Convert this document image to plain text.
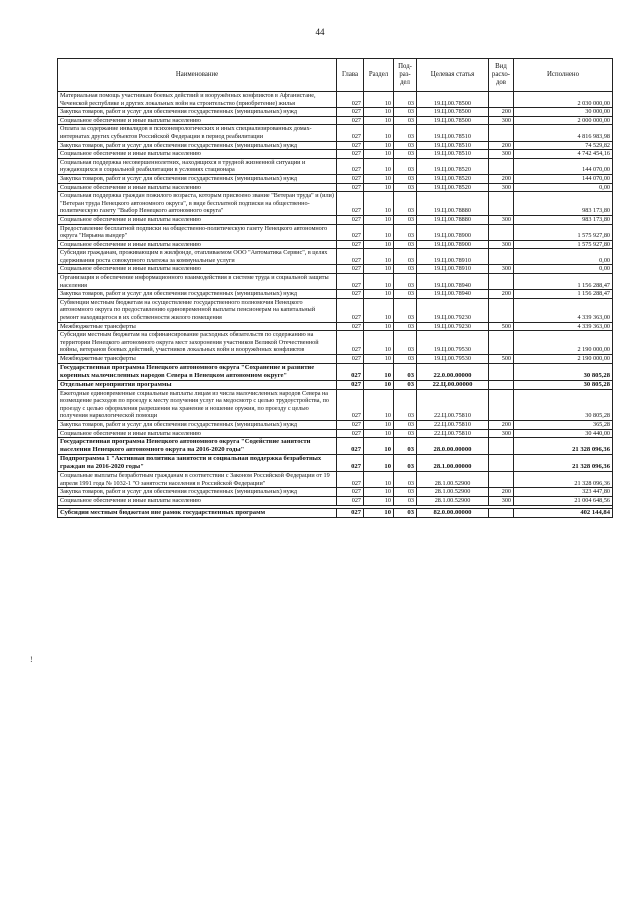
44
!
Наименование	Глава	Раздел	Под-раз-дел	Целевая статья	Вид расхо-дов	Исполнено
Материальная помощь участникам боевых действий и вооружённых конфликтов в Афганистане, Чеченской республике и других локальных войн на строительство (приобретение) жилья	027	10	03	19.Ц.00.78500		2 030 000,00
Закупка товаров, работ и услуг для обеспечения государственных (муниципальных) нужд	027	10	03	19.Ц.00.78500	200	30 000,00
Социальное обеспечение и иные выплаты населению	027	10	03	19.Ц.00.78500	300	2 000 000,00
Оплата за содержание инвалидов в психоневрологических и иных специализированных домах-интернатах других субъектов Российской Федерации в период реабилитации	027	10	03	19.Ц.00.78510		4 816 983,98
Закупка товаров, работ и услуг для обеспечения государственных (муниципальных) нужд	027	10	03	19.Ц.00.78510	200	74 529,82
Социальное обеспечение и иные выплаты населению	027	10	03	19.Ц.00.78510	300	4 742 454,16
Социальная поддержка несовершеннолетних, находящихся в трудной жизненной ситуации и нуждающихся в социальной реабилитации в условиях стационара	027	10	03	19.Ц.00.78520		144 070,00
Закупка товаров, работ и услуг для обеспечения государственных (муниципальных) нужд	027	10	03	19.Ц.00.78520	200	144 070,00
Социальное обеспечение и иные выплаты населению	027	10	03	19.Ц.00.78520	300	0,00
Социальная поддержка граждан пожилого возраста, которым присвоено звание "Ветеран труда" и (или) "Ветеран труда Ненецкого автономного округа", в виде бесплатной подписки на общественно-политическую газету "Выбор Ненецкого автономного округа"	027	10	03	19.Ц.00.78880		983 173,80
Социальное обеспечение и иные выплаты населению	027	10	03	19.Ц.00.78880	300	983 173,80
Предоставление бесплатной подписки на общественно-политическую газету Ненецкого автономного округа "Нярьяна вындер"	027	10	03	19.Ц.00.78900		1 575 927,80
Социальное обеспечение и иные выплаты населению	027	10	03	19.Ц.00.78900	300	1 575 927,80
Субсидии гражданам, проживающим в жилфонде, отапливаемом ООО "Автоматика Сервис", в целях сдерживания роста совокупного платежа за коммунальные услуги	027	10	03	19.Ц.00.78910		0,00
Социальное обеспечение и иные выплаты населению	027	10	03	19.Ц.00.78910	300	0,00
Организация и обеспечение информационного взаимодействия в системе труда и социальной защиты населения	027	10	03	19.Ц.00.78940		1 156 288,47
Закупка товаров, работ и услуг для обеспечения государственных (муниципальных) нужд	027	10	03	19.Ц.00.78940	200	1 156 288,47
Субвенции местным бюджетам на осуществление государственного полномочия Ненецкого автономного округа по предоставлению единовременной выплаты пенсионерам на капитальный ремонт находящегося в их собственности жилого помещения	027	10	03	19.Ц.00.79230		4 339 363,00
Межбюджетные трансферты	027	10	03	19.Ц.00.79230	500	4 339 363,00
Субсидии местным бюджетам на софинансирование расходных обязательств по содержанию на территории Ненецкого автономного округа мест захоронения участников Великой Отечественной войны, ветеранов боевых действий, участников локальных войн и вооружённых конфликтов	027	10	03	19.Ц.00.79530		2 190 000,00
Межбюджетные трансферты	027	10	03	19.Ц.00.79530	500	2 190 000,00
Государственная программа Ненецкого автономного округа "Сохранение и развитие коренных малочисленных народов Севера в Ненецком автономном округе"	027	10	03	22.0.00.00000		30 805,28
Отдельные мероприятия программы	027	10	03	22.Ц.00.00000		30 805,28
Ежегодные единовременные социальные выплаты лицам из числа малочисленных народов Севера на возмещение расходов по проезду к месту получения услуг на медосмотр с целью трудоустройства, по проезду с целью оформления разрешения на хранение и ношение оружия, по проезду с целью получения наркологической помощи	027	10	03	22.Ц.00.75810		30 805,28
Закупка товаров, работ и услуг для обеспечения государственных (муниципальных) нужд	027	10	03	22.Ц.00.75810	200	365,28
Социальное обеспечение и иные выплаты населению	027	10	03	22.Ц.00.75810	300	30 440,00
Государственная программа Ненецкого автономного округа "Содействие занятости населения Ненецкого автономного округа на 2016-2020 годы"	027	10	03	28.0.00.00000		21 328 096,36
Подпрограмма 1 "Активная политика занятости и социальная поддержка безработных граждан на 2016-2020 годы"	027	10	03	28.1.00.00000		21 328 096,36
Социальные выплаты безработным гражданам в соответствии с Законом Российской Федерации от 19 апреля 1991 года № 1032-1 "О занятости населения в Российской Федерации"	027	10	03	28.1.00.52900		21 328 096,36
Закупка товаров, работ и услуг для обеспечения государственных (муниципальных) нужд	027	10	03	28.1.00.52900	200	323 447,80
Социальное обеспечение и иные выплаты населению	027	10	03	28.1.00.52900	300	21 004 648,56

Субсидии местным бюджетам вне рамок государственных программ	027	10	03	82.0.00.00000		402 144,84
